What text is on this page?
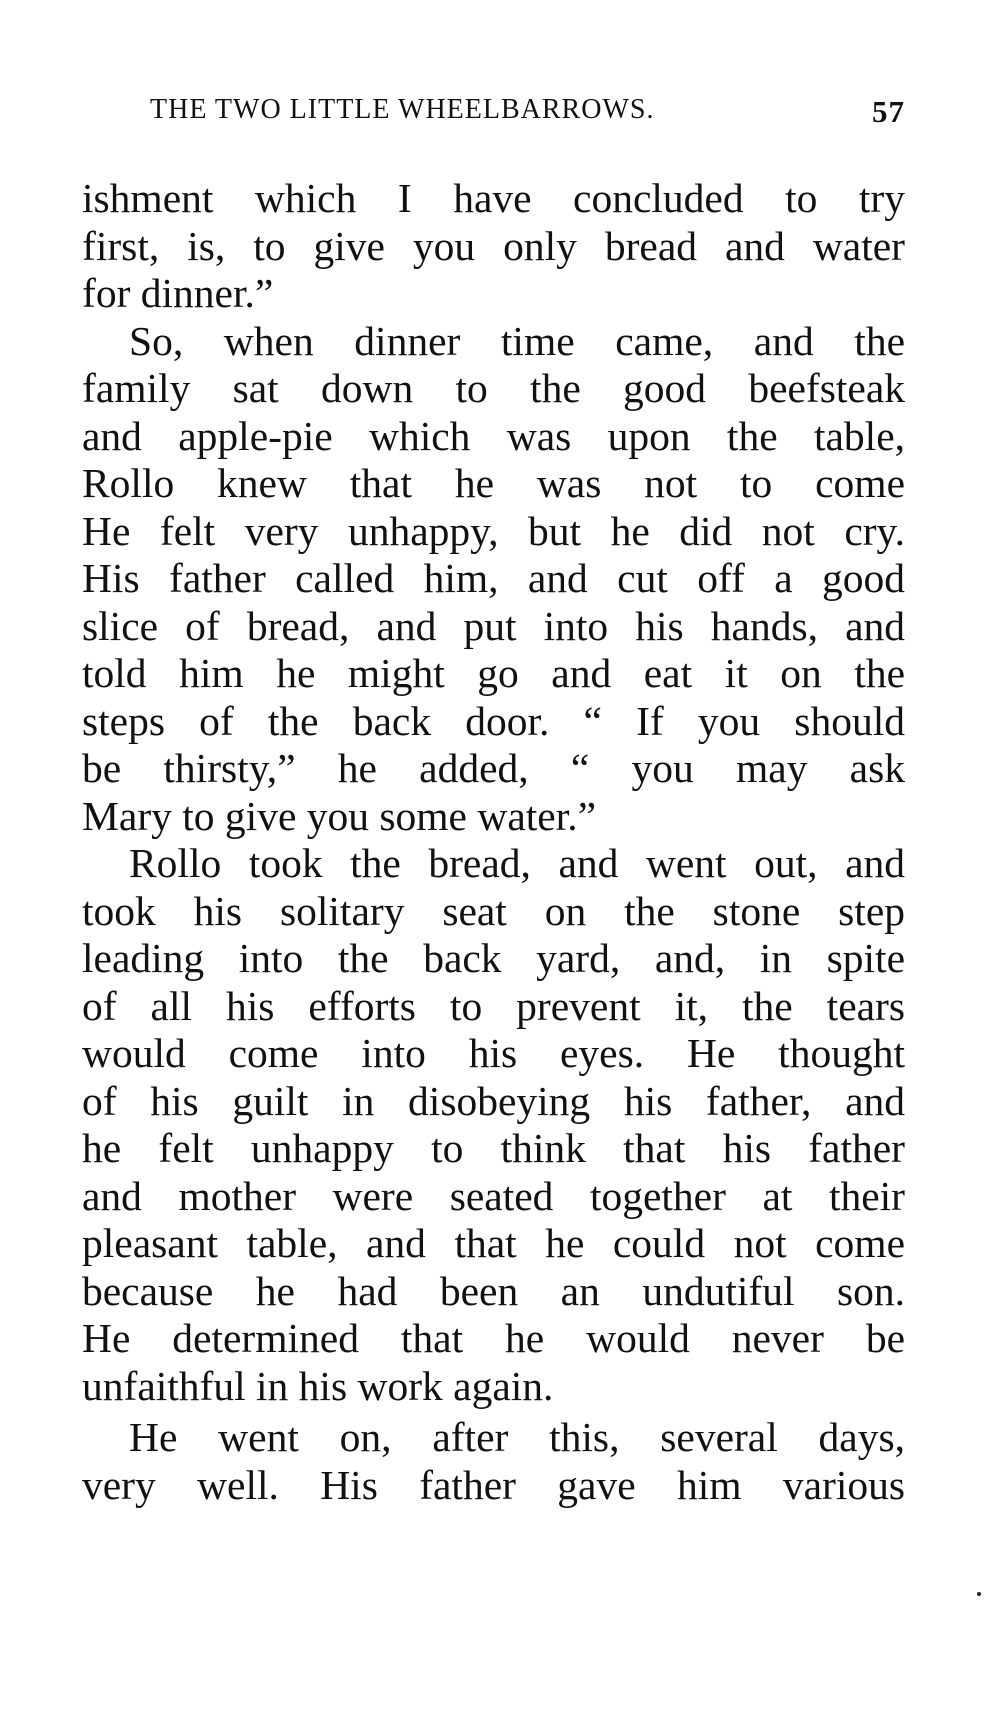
THE TWO LITTLE WHEELBARROWS.	57
ishment which I have concluded to try
first, is, to give you only bread and water
for dinner.”
So, when dinner time came, and the
family sat down to the good beefsteak
and apple-pie which was upon the table,
Rollo knew that he was not to come
He felt very unhappy, but he did not cry.
His father called him, and cut off a good
slice of bread, and put into his hands, and
told him he might go and eat it on the
steps of the back door. “ If you should
be thirsty,” he added, “ you may ask
Mary to give you some water.”
Rollo took the bread, and went out, and
took his solitary seat on the stone step
leading into the back yard, and, in spite
of all his efforts to prevent it, the tears
would come into his eyes. He thought
of his guilt in disobeying his father, and
he felt unhappy to think that his father
and mother were seated together at their
pleasant table, and that he could not come
because he had been an undutiful son.
He determined that he would never be
unfaithful in his work again.
He went on, after this, several days,
very well. His father gave him various
